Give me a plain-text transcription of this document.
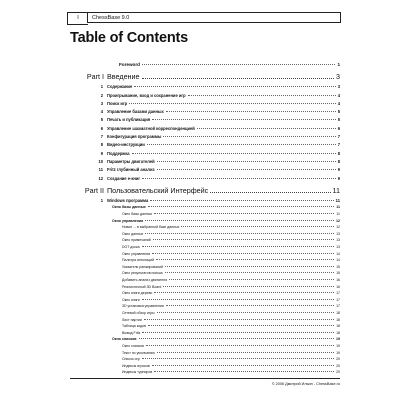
I	ChessBase 9.0
Table of Contents
Foreword	1
Part I Введение	3
1 Содержание	3
2 Проигрывание, вход и сохранение игр	4
3 Поиск игр	4
4 Управление базами данных	5
5 Печать и публикация	5
6 Управление шахматной корреспонденцией	6
7 Конфигурация программы	7
8 Видео-инструкции	7
9 Поддержка	8
10 Параметры двигателей	8
11 Fritz глубинный анализ	9
12 Создание е-книг	9
Part II Пользовательский Интерфейс	11
1 Windows программа	11
Окно базы данных	11
Окно базы данных	11
Окно управления	12
Новое ... в выбранной базе данных	12
Окно данных	13
Окно примечаний	13
DGT доска	13
Окно управления	14
Палитра аннотаций	14
Указатель ранжирований	15
Окно результатов поиска	15
Добавить анализ двигателя	16
Реалистичный 3D Board	16
Окно книги дерево	17
Окно книги	17
3D установка управления	17
Сетевой обзор игры	18
Лист партии	18
Таблица кодов	18
Вывод Fritz	18
Окно списков	19
Окно списков	19
Текст по умолчанию	19
Список игр	20
Индексы игроков	20
Индексы турниров	20
© 2006 Дмитрий Ильин - ChessBase.ru
